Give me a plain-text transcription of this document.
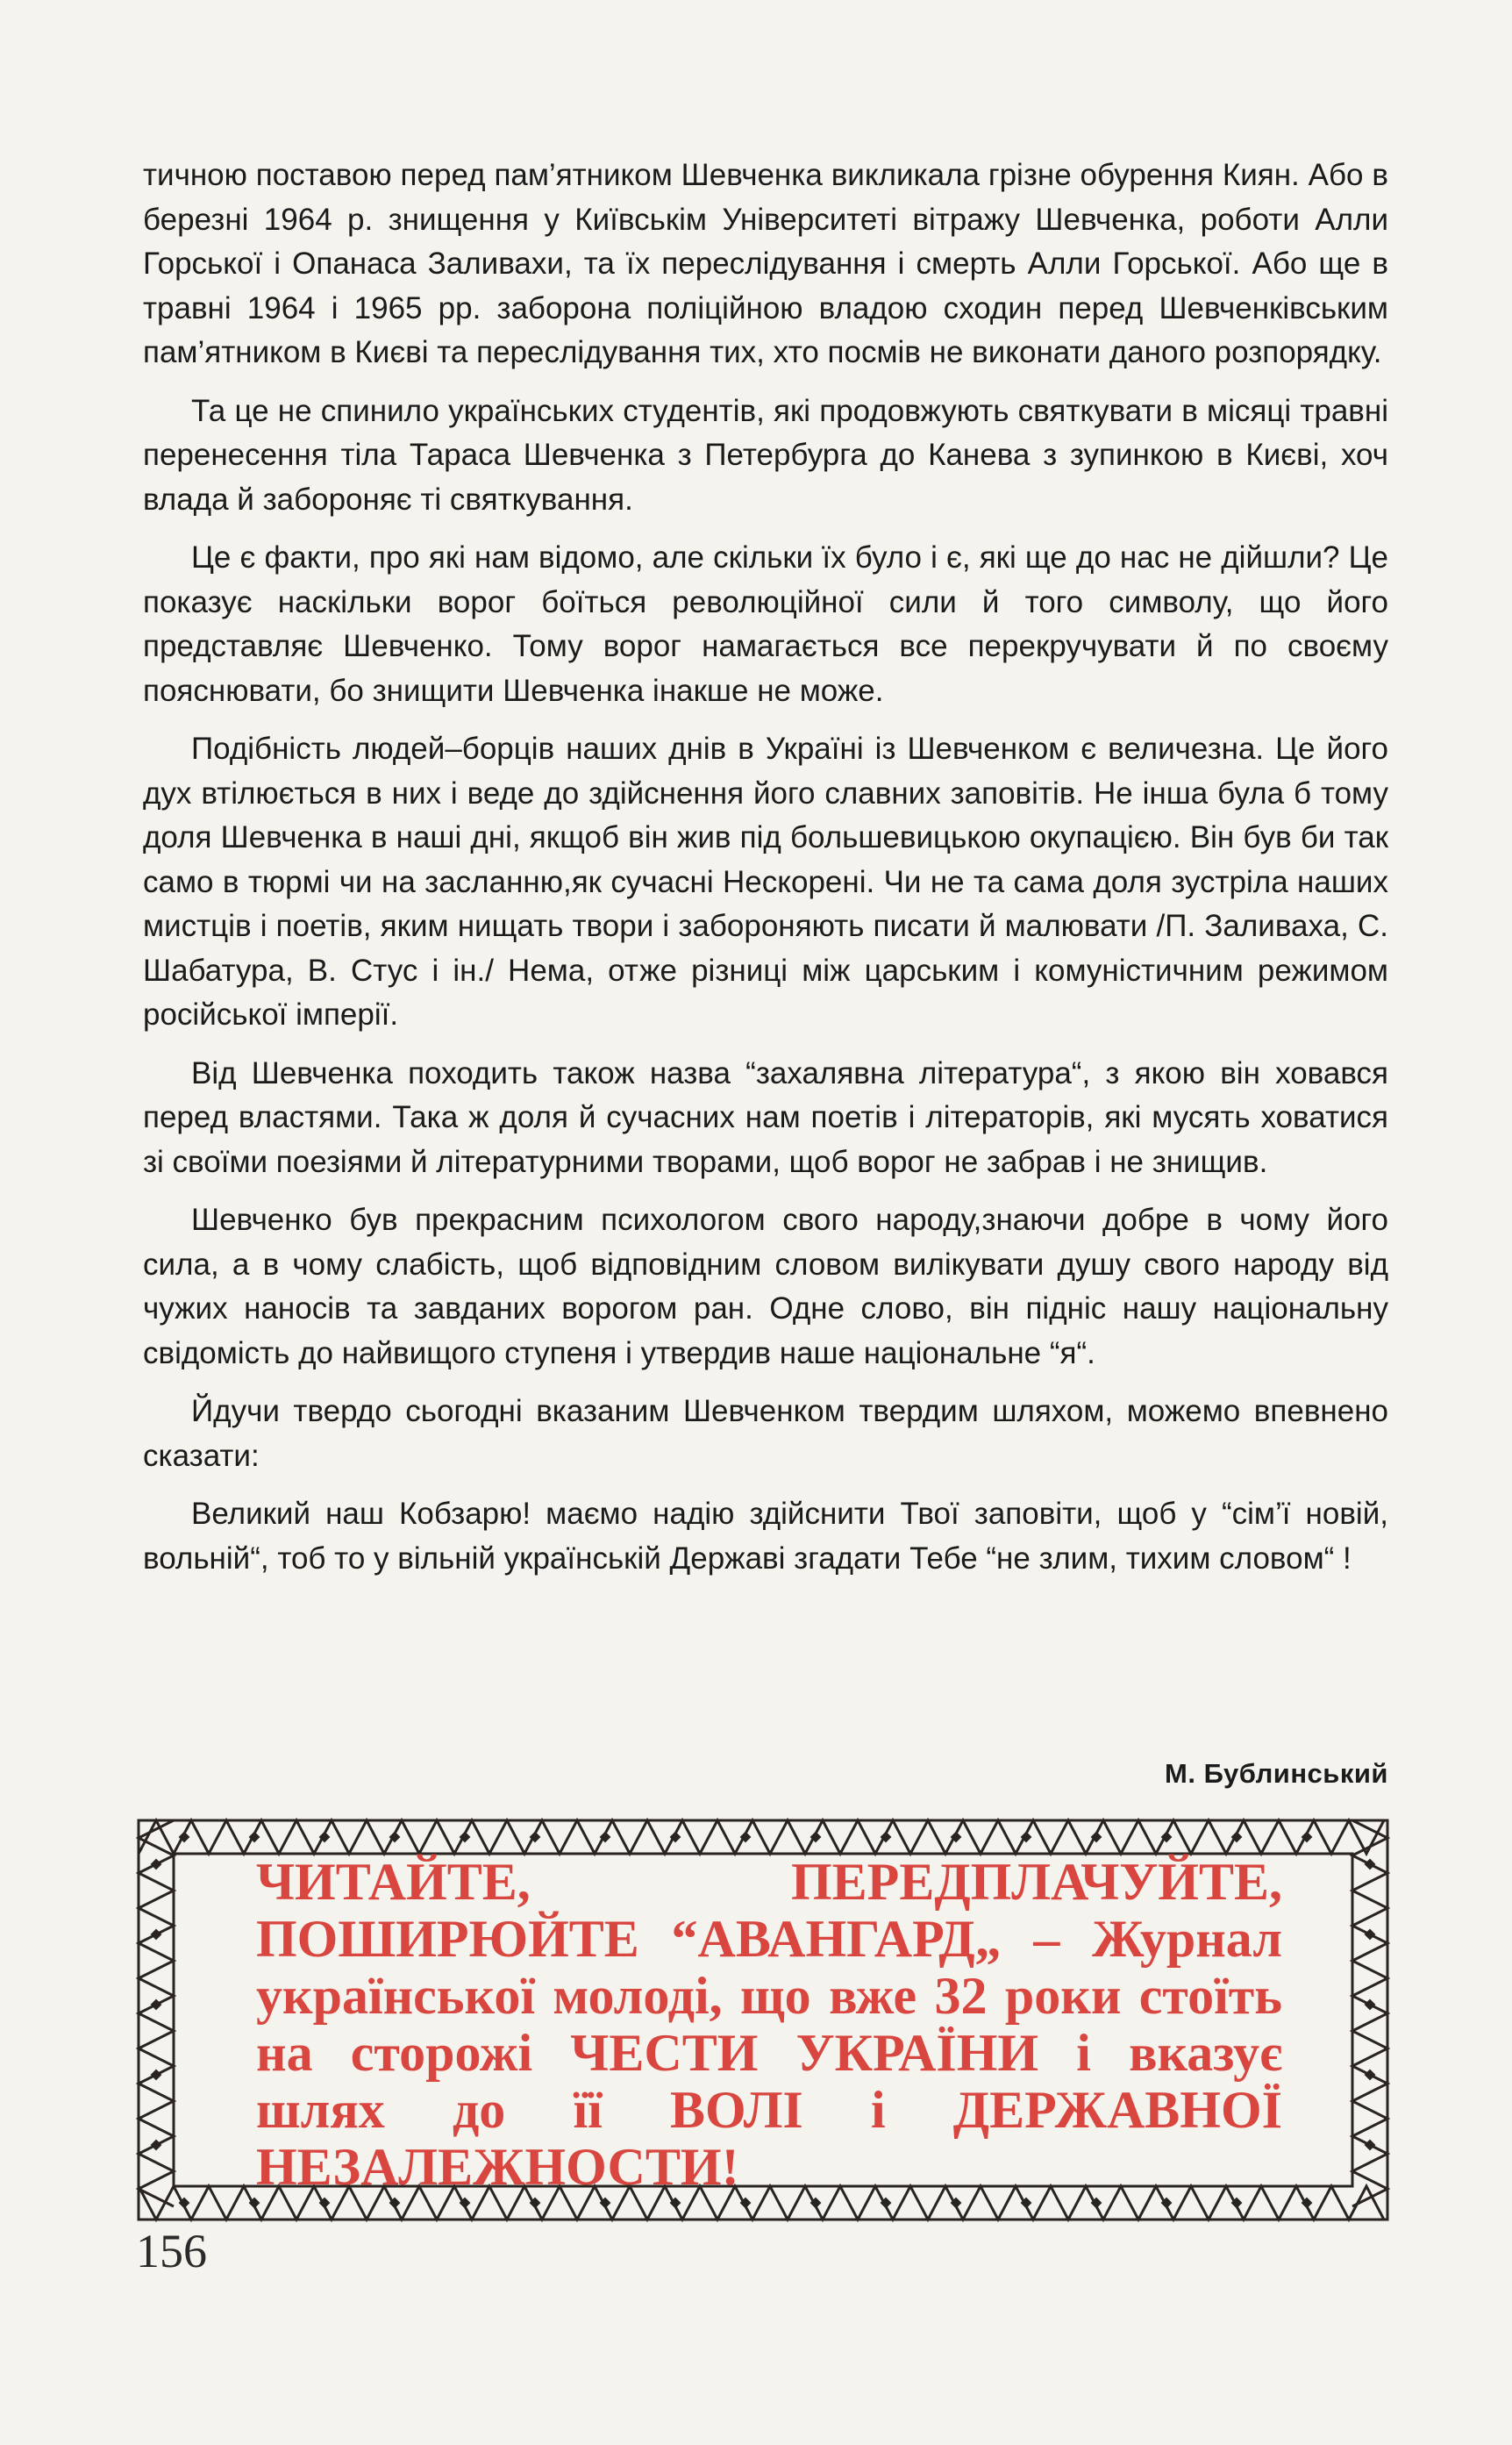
тичною поставою перед пам’ятником Шевченка викликала грізне обурення Киян. Або в березні 1964 р. знищення у Київськім Університеті вітражу Шевченка, роботи Алли Горської і Опанаса Заливахи, та їх переслідування і смерть Алли Горської. Або ще в травні 1964 і 1965 рр. заборона поліційною владою сходин перед Шевченківським пам’ятником в Києві та переслідування тих, хто посмів не виконати даного розпорядку.

Та це не спинило українських студентів, які продовжують святкувати в місяці травні перенесення тіла Тараса Шевченка з Петербурга до Канева з зупинкою в Києві, хоч влада й забороняє ті святкування.

Це є факти, про які нам відомо, але скільки їх було і є, які ще до нас не дійшли? Це показує наскільки ворог боїться революційної сили й того символу, що його представляє Шевченко. Тому ворог намагається все перекручувати й по своєму пояснювати, бо знищити Шевченка інакше не може.

Подібність людей–борців наших днів в Україні із Шевченком є величезна. Це його дух втілюється в них і веде до здійснення його славних заповітів. Не інша була б тому доля Шевченка в наші дні, якщоб він жив під большевицькою окупацією. Він був би так само в тюрмі чи на засланню,як сучасні Нескорені. Чи не та сама доля зустріла наших мистців і поетів, яким нищать твори і забороняють писати й малювати /П. Заливаха, С. Шабатура, В. Стус і ін./ Нема, отже різниці між царським і комуністичним режимом російської імперії.

Від Шевченка походить також назва “захалявна література“, з якою він ховався перед властями. Така ж доля й сучасних нам поетів і літераторів, які мусять ховатися зі своїми поезіями й літературними творами, щоб ворог не забрав і не знищив.

Шевченко був прекрасним психологом свого народу,знаючи добре в чому його сила, а в чому слабість, щоб відповідним словом вилікувати душу свого народу від чужих наносів та завданих ворогом ран. Одне слово, він підніс нашу національну свідомість до найвищого ступеня і утвердив наше національне “я“.

Йдучи твердо сьогодні вказаним Шевченком твердим шляхом, можемо впевнено сказати:

Великий наш Кобзарю! маємо надію здійснити Твої заповіти, щоб у “сім’ї новій, вольній“, тоб то у вільній українській Державі згадати Тебе “не злим, тихим словом“ !

М. Бублинський

ЧИТАЙТЕ, ПЕРЕДПЛАЧУЙТЕ, ПОШИРЮЙТЕ “АВАНГАРД„ – Журнал української молоді, що вже 32 роки стоїть на сторожі ЧЕСТИ УКРАЇНИ і вказує шлях до її ВОЛІ і ДЕРЖАВНОЇ НЕЗАЛЕЖНОСТИ!

156
